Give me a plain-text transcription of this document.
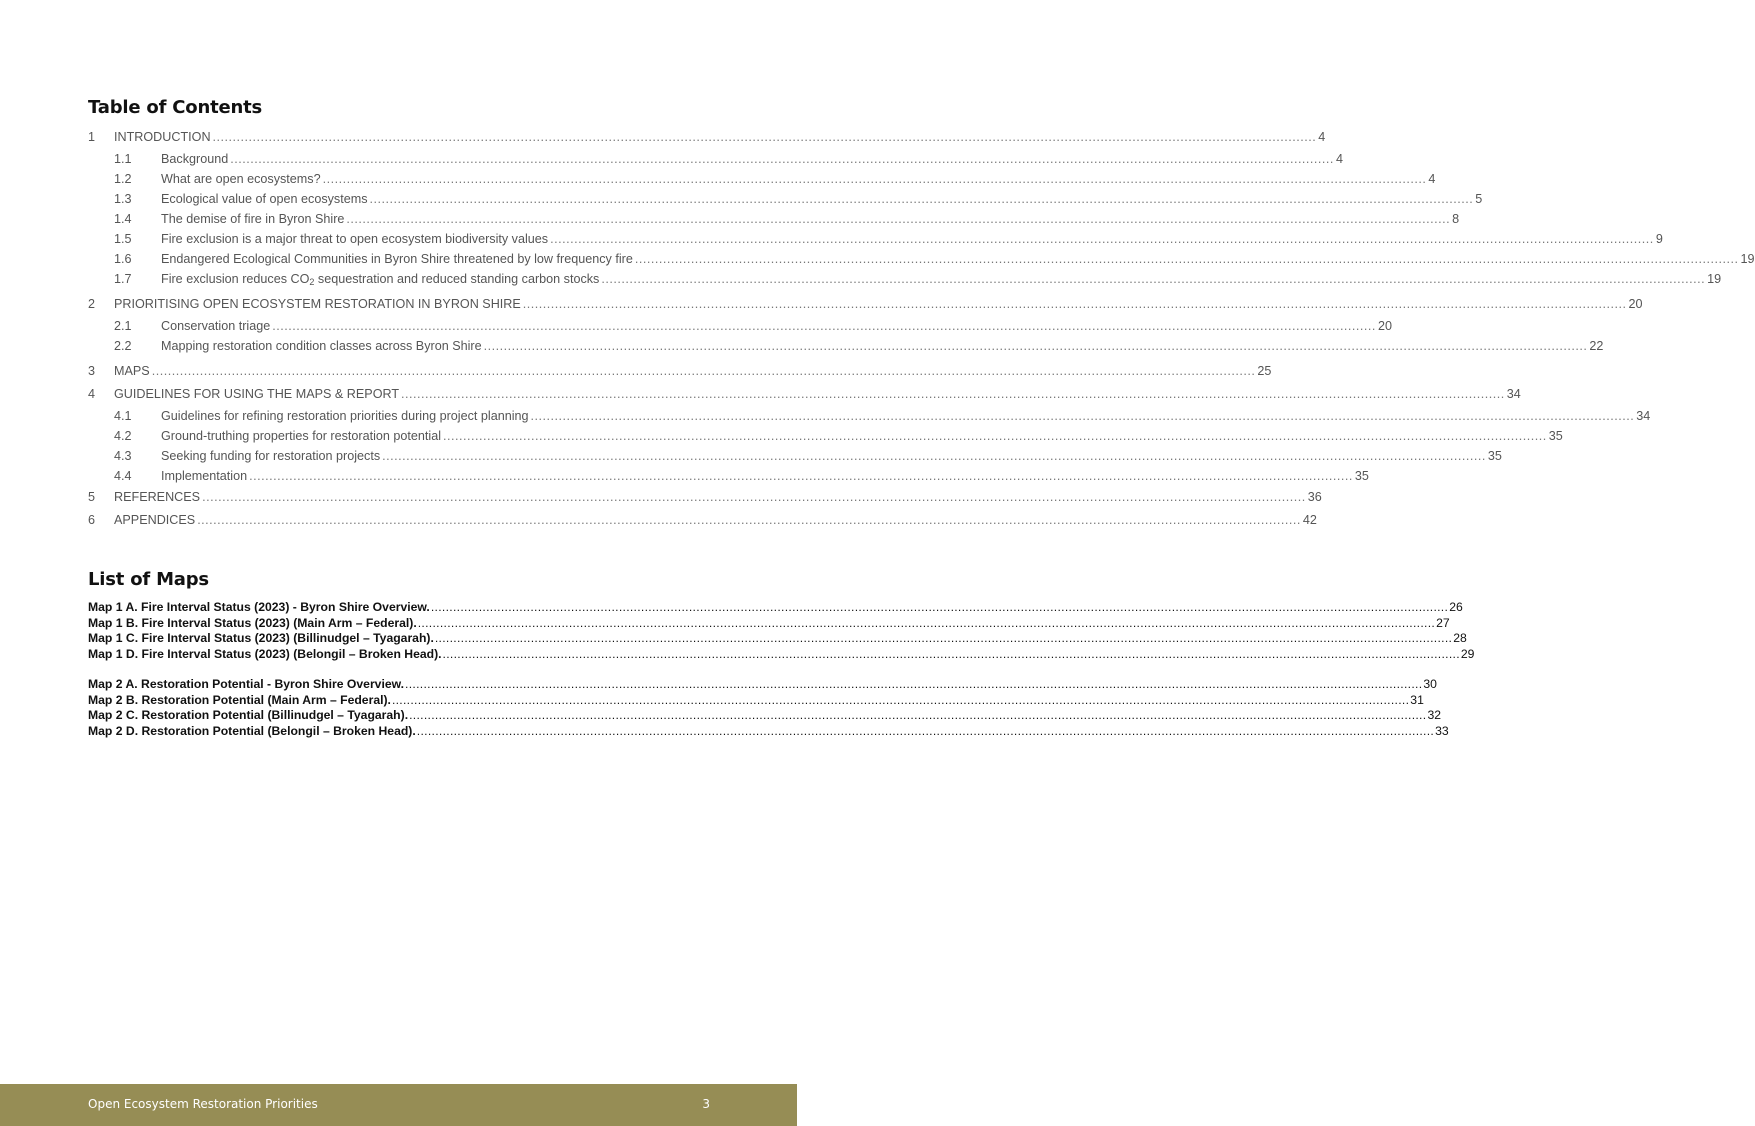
Table of Contents
1	INTRODUCTION .....	4
1.1	Background .....	4
1.2	What are open ecosystems? .....	4
1.3	Ecological value of open ecosystems .....	5
1.4	The demise of fire in Byron Shire .....	8
1.5	Fire exclusion is a major threat to open ecosystem biodiversity values .....	9
1.6	Endangered Ecological Communities in Byron Shire threatened by low frequency fire .....	19
1.7	Fire exclusion reduces $CO_2$ sequestration and reduced standing carbon stocks .....	19
2	PRIORITISING OPEN ECOSYSTEM RESTORATION IN BYRON SHIRE .....	20
2.1	Conservation triage .....	20
2.2	Mapping restoration condition classes across Byron Shire .....	22
3	MAPS .....	25
4	GUIDELINES FOR USING THE MAPS & REPORT .....	34
4.1	Guidelines for refining restoration priorities during project planning .....	34
4.2	Ground-truthing properties for restoration potential .....	35
4.3	Seeking funding for restoration projects .....	35
4.4	Implementation .....	35
5	REFERENCES .....	36
6	APPENDICES .....	42
List of Maps
Map 1 A. Fire Interval Status (2023) - Byron Shire Overview. .....	26
Map 1 B. Fire Interval Status (2023) (Main Arm – Federal). .....	27
Map 1 C. Fire Interval Status (2023) (Billinudgel – Tyagarah). .....	28
Map 1 D. Fire Interval Status (2023) (Belongil – Broken Head). .....	29
Map 2 A. Restoration Potential - Byron Shire Overview. .....	30
Map 2 B. Restoration Potential (Main Arm – Federal). .....	31
Map 2 C. Restoration Potential (Billinudgel – Tyagarah). .....	32
Map 2 D. Restoration Potential (Belongil – Broken Head). .....	33
Open Ecosystem Restoration Priorities	3
